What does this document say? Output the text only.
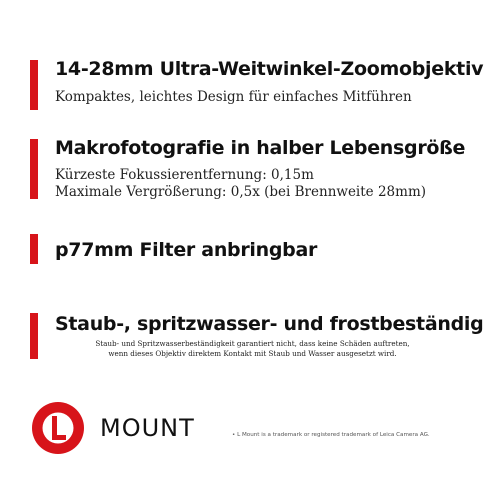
14-28mm Ultra-Weitwinkel-Zoomobjektiv
Kompaktes, leichtes Design für einfaches Mitführen
Makrofotografie in halber Lebensgröße
Kürzeste Fokussierentfernung: 0,15m
Maximale Vergrößerung: 0,5x (bei Brennweite 28mm)
p77mm Filter anbringbar
Staub-, spritzwasser- und frostbeständig
Staub- und Spritzwasserbeständigkeit garantiert nicht, dass keine Schäden auftreten,
wenn dieses Objektiv direktem Kontakt mit Staub und Wasser ausgesetzt wird.
MOUNT	• L Mount is a trademark or registered trademark of Leica Camera AG.
